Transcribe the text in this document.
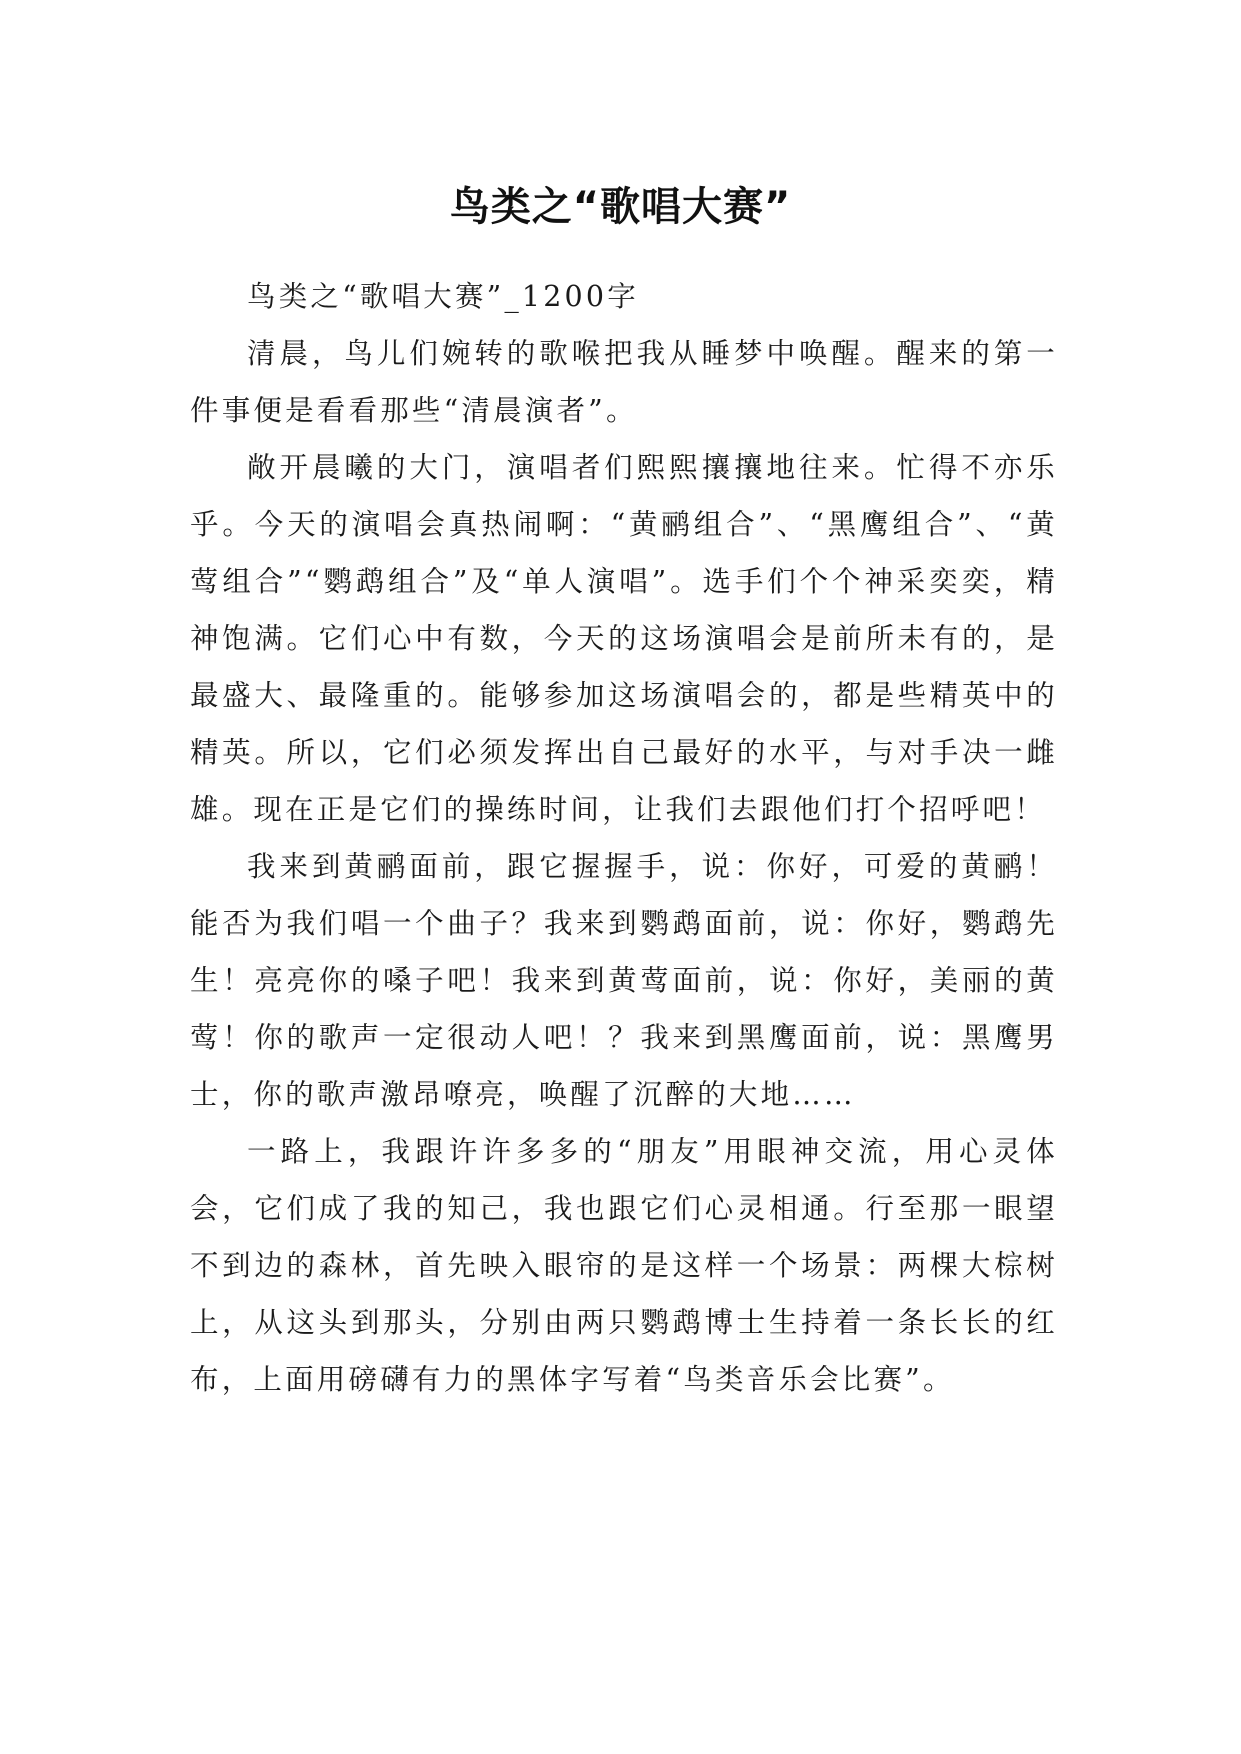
鸟类之“歌唱大赛”

鸟类之“歌唱大赛”_1200字

清晨，鸟儿们婉转的歌喉把我从睡梦中唤醒。醒来的第一件事便是看看那些“清晨演者”。

敞开晨曦的大门，演唱者们熙熙攘攘地往来。忙得不亦乐乎。今天的演唱会真热闹啊：“黄鹂组合”、“黑鹰组合”、“黄莺组合”“鹦鹉组合”及“单人演唱”。选手们个个神采奕奕，精神饱满。它们心中有数，今天的这场演唱会是前所未有的，是最盛大、最隆重的。能够参加这场演唱会的，都是些精英中的精英。所以，它们必须发挥出自己最好的水平，与对手决一雌雄。现在正是它们的操练时间，让我们去跟他们打个招呼吧！

我来到黄鹂面前，跟它握握手，说：你好，可爱的黄鹂！能否为我们唱一个曲子？我来到鹦鹉面前，说：你好，鹦鹉先生！亮亮你的嗓子吧！我来到黄莺面前，说：你好，美丽的黄莺！你的歌声一定很动人吧！？我来到黑鹰面前，说：黑鹰男士，你的歌声激昂嘹亮，唤醒了沉醉的大地……

一路上，我跟许许多多的“朋友”用眼神交流，用心灵体会，它们成了我的知己，我也跟它们心灵相通。行至那一眼望不到边的森林，首先映入眼帘的是这样一个场景：两棵大棕树上，从这头到那头，分别由两只鹦鹉博士生持着一条长长的红布，上面用磅礴有力的黑体字写着“鸟类音乐会比赛”。
